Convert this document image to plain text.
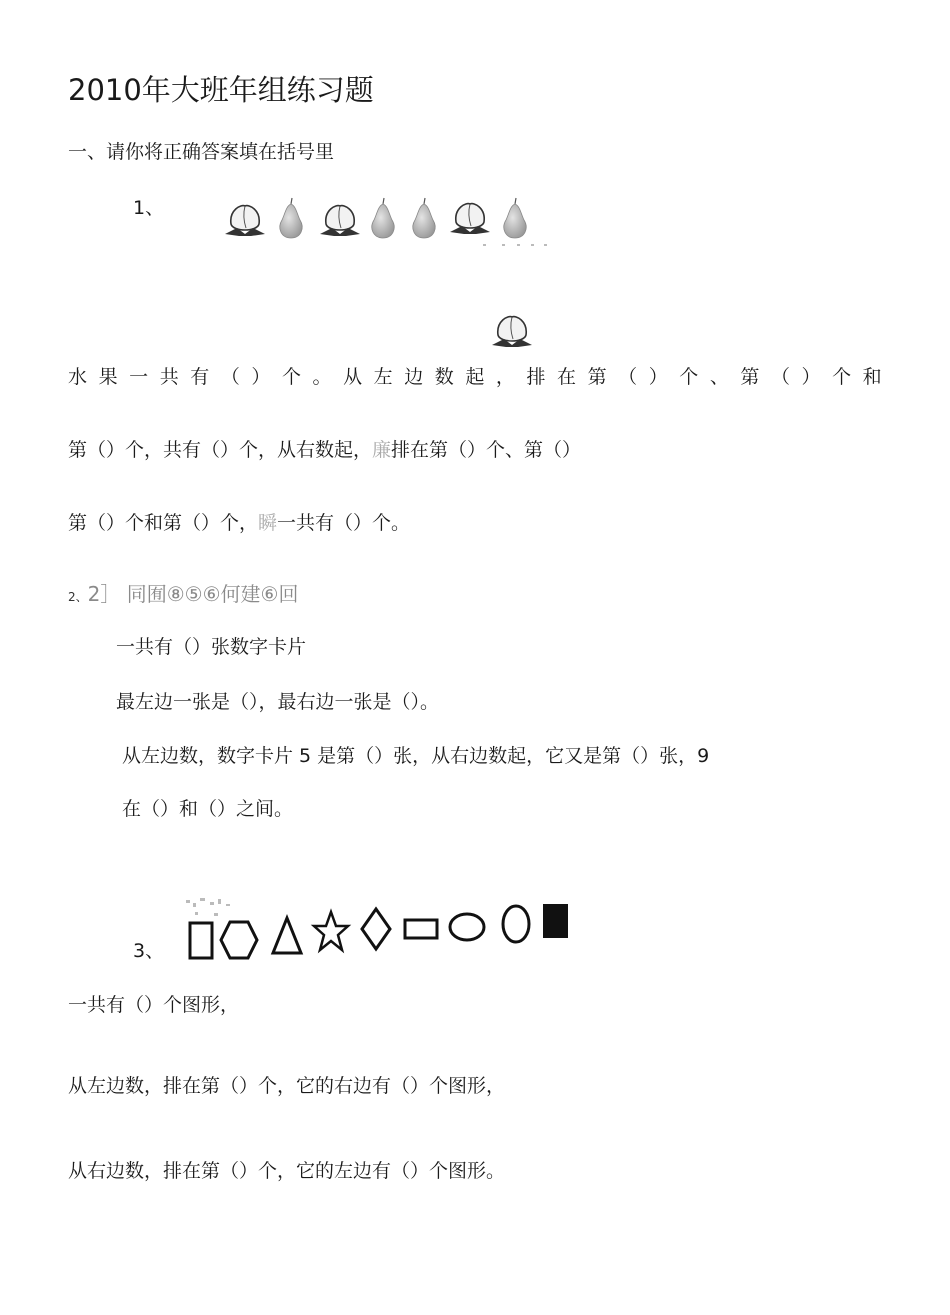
2010年大班年组练习题
一、请你将正确答案填在括号里
1、
水 果 一 共 有 （ ） 个 。 从 左 边 数 起 ， 排 在 第 （ ） 个 、 第 （ ） 个 和
第（）个，共有（）个，从右数起，廉排在第（）个、第（）
第（）个和第（）个，瞬一共有（）个。
2、2］ 同囿⑧⑤⑥何建⑥回
一共有（）张数字卡片
最左边一张是（），最右边一张是（）。
从左边数，数字卡片 5 是第（）张，从右边数起，它又是第（）张，9
在（）和（）之间。
3、
一共有（）个图形，
从左边数，排在第（）个，它的右边有（）个图形，
从右边数，排在第（）个，它的左边有（）个图形。
